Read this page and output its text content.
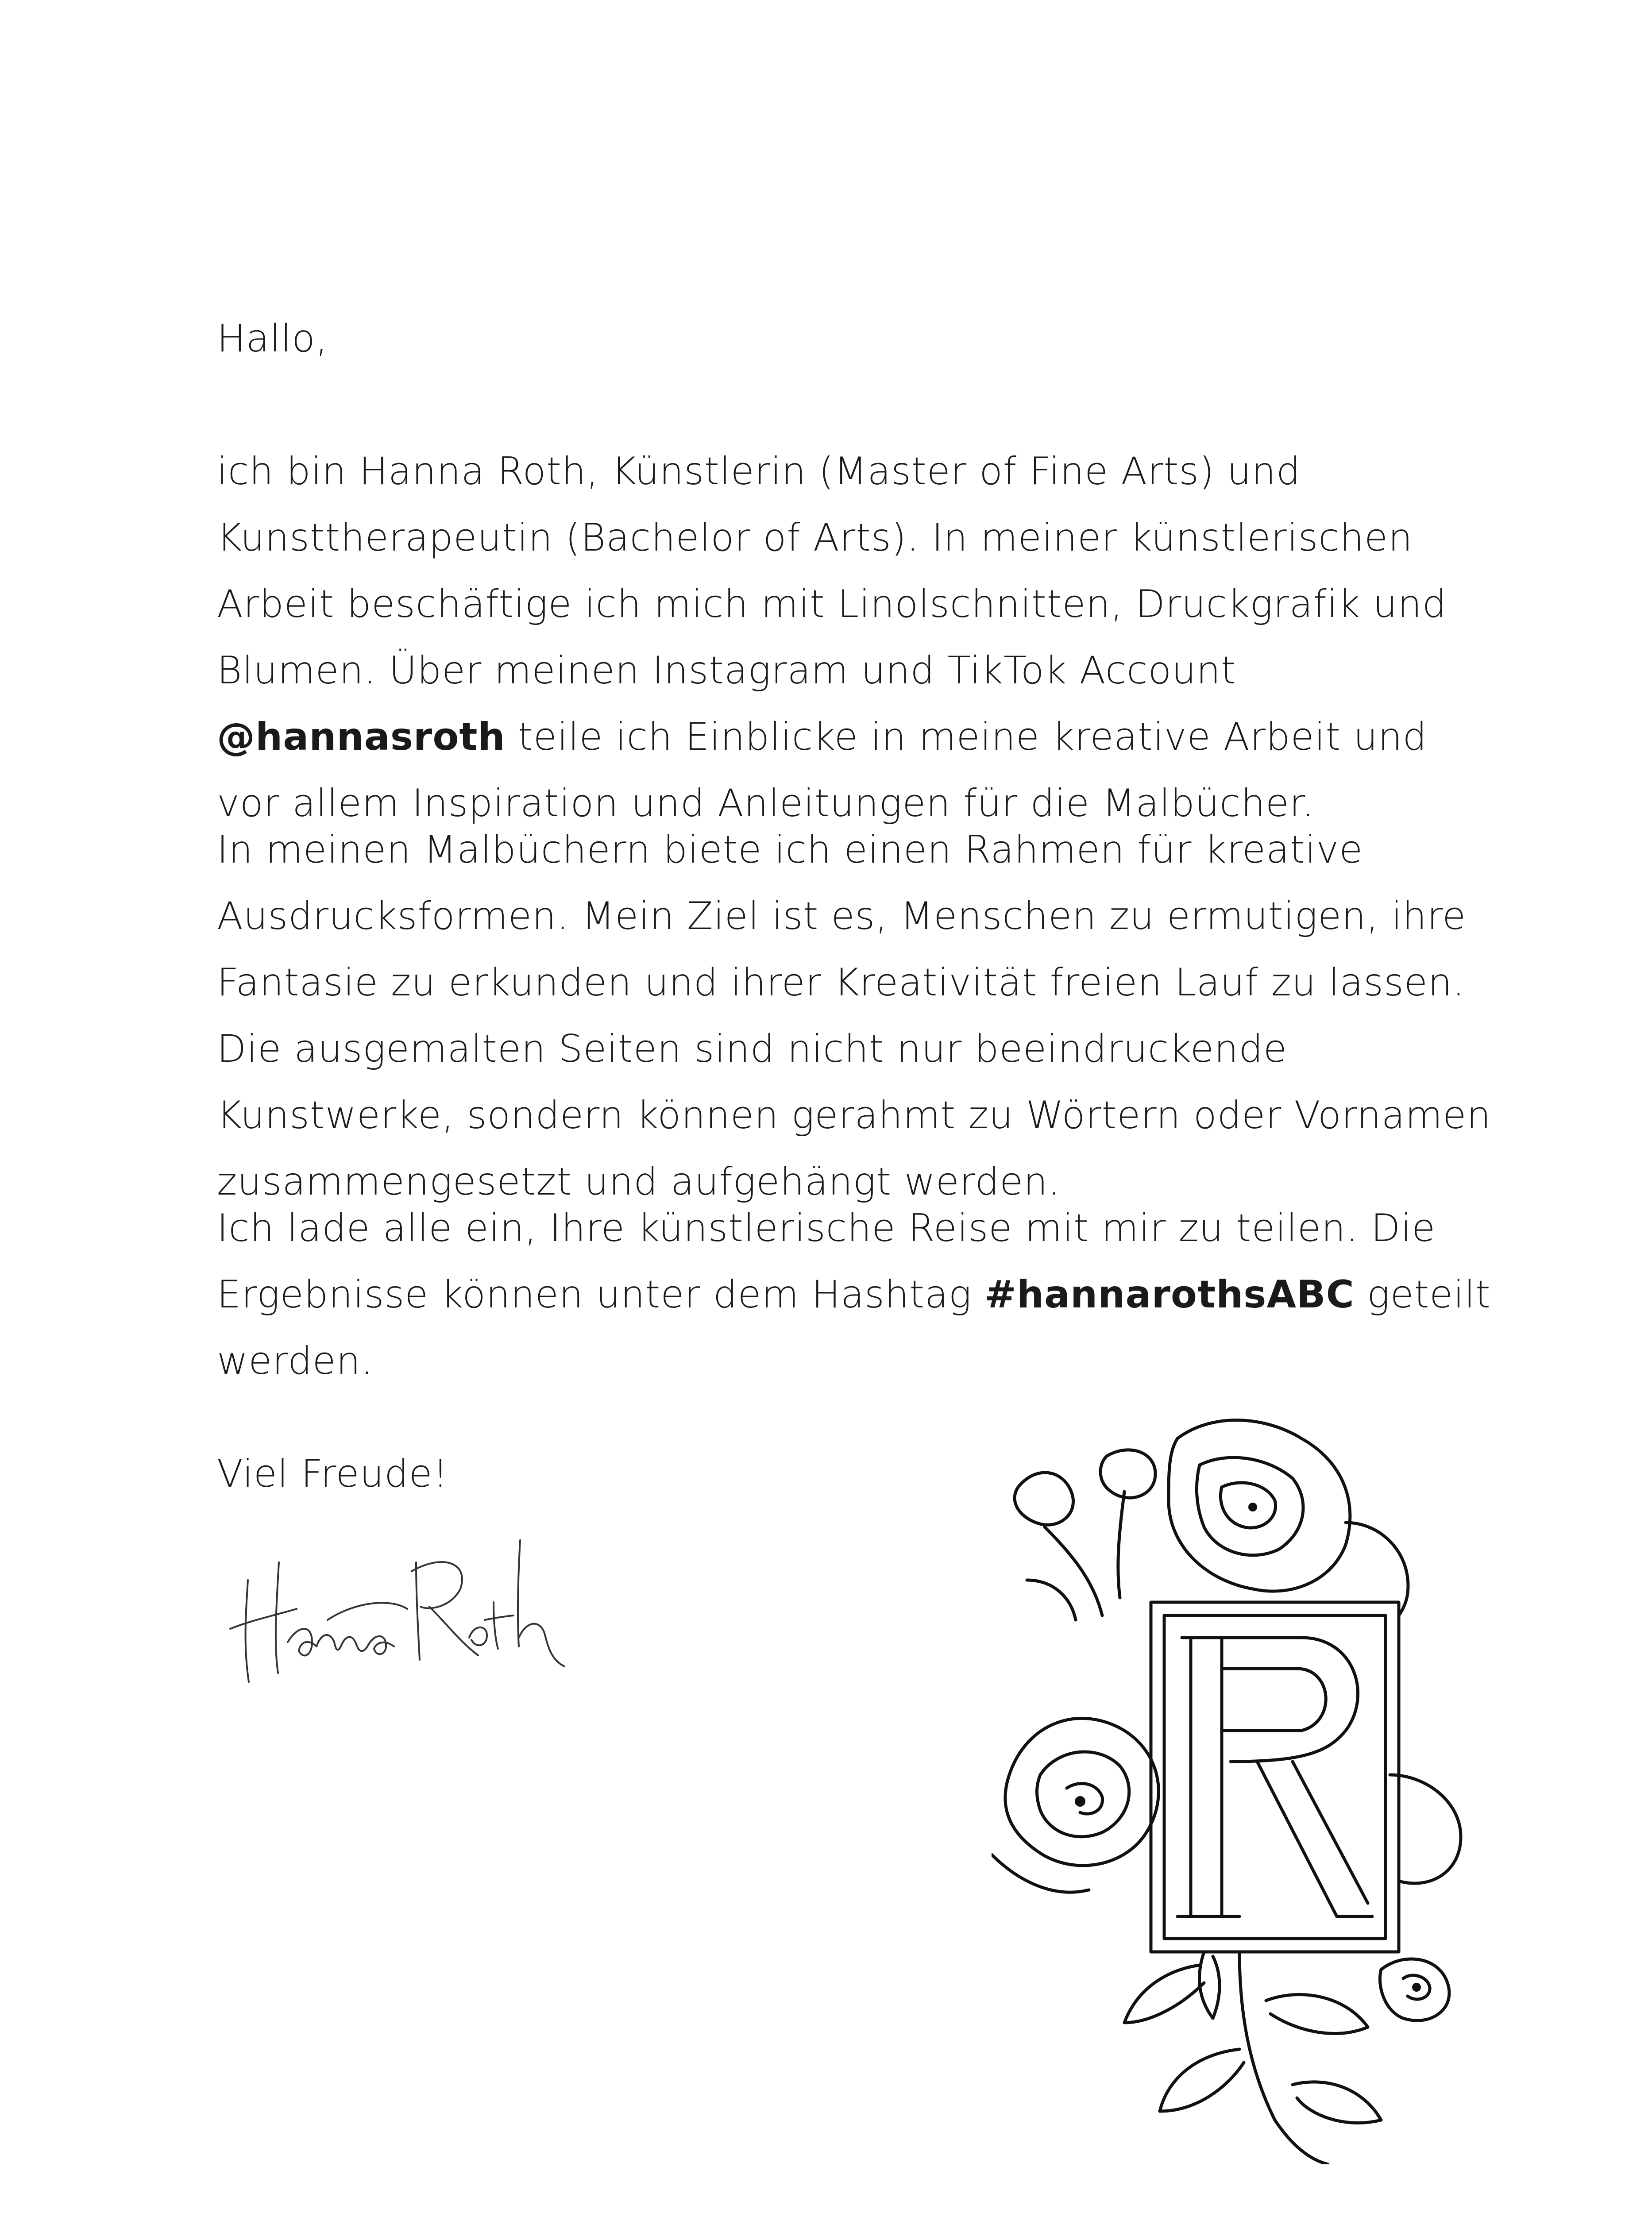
Hallo,

ich bin Hanna Roth, Künstlerin (Master of Fine Arts) und Kunsttherapeutin (Bachelor of Arts). In meiner künstlerischen Arbeit beschäftige ich mich mit Linolschnitten, Druckgrafik und Blumen. Über meinen Instagram und TikTok Account @hannasroth teile ich Einblicke in meine kreative Arbeit und vor allem Inspiration und Anleitungen für die Malbücher.

In meinen Malbüchern biete ich einen Rahmen für kreative Ausdrucksformen. Mein Ziel ist es, Menschen zu ermutigen, ihre Fantasie zu erkunden und ihrer Kreativität freien Lauf zu lassen. Die ausgemalten Seiten sind nicht nur beeindruckende Kunstwerke, sondern können gerahmt zu Wörtern oder Vornamen zusammengesetzt und aufgehängt werden.

Ich lade alle ein, Ihre künstlerische Reise mit mir zu teilen. Die Ergebnisse können unter dem Hashtag #hannarothsABC geteilt werden.

Viel Freude!
